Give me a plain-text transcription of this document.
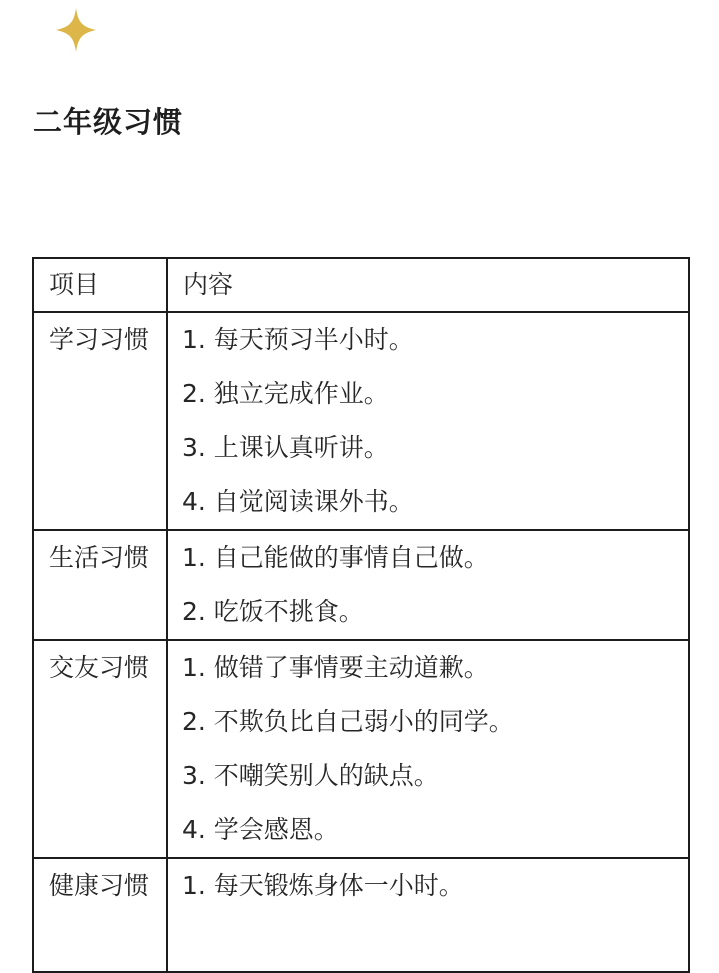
二年级习惯
项目	内容
学习习惯	1. 每天预习半小时。
2. 独立完成作业。
3. 上课认真听讲。
4. 自觉阅读课外书。

生活习惯	1. 自己能做的事情自己做。
2. 吃饭不挑食。

交友习惯	1. 做错了事情要主动道歉。
2. 不欺负比自己弱小的同学。
3. 不嘲笑别人的缺点。
4. 学会感恩。

健康习惯	1. 每天锻炼身体一小时。
